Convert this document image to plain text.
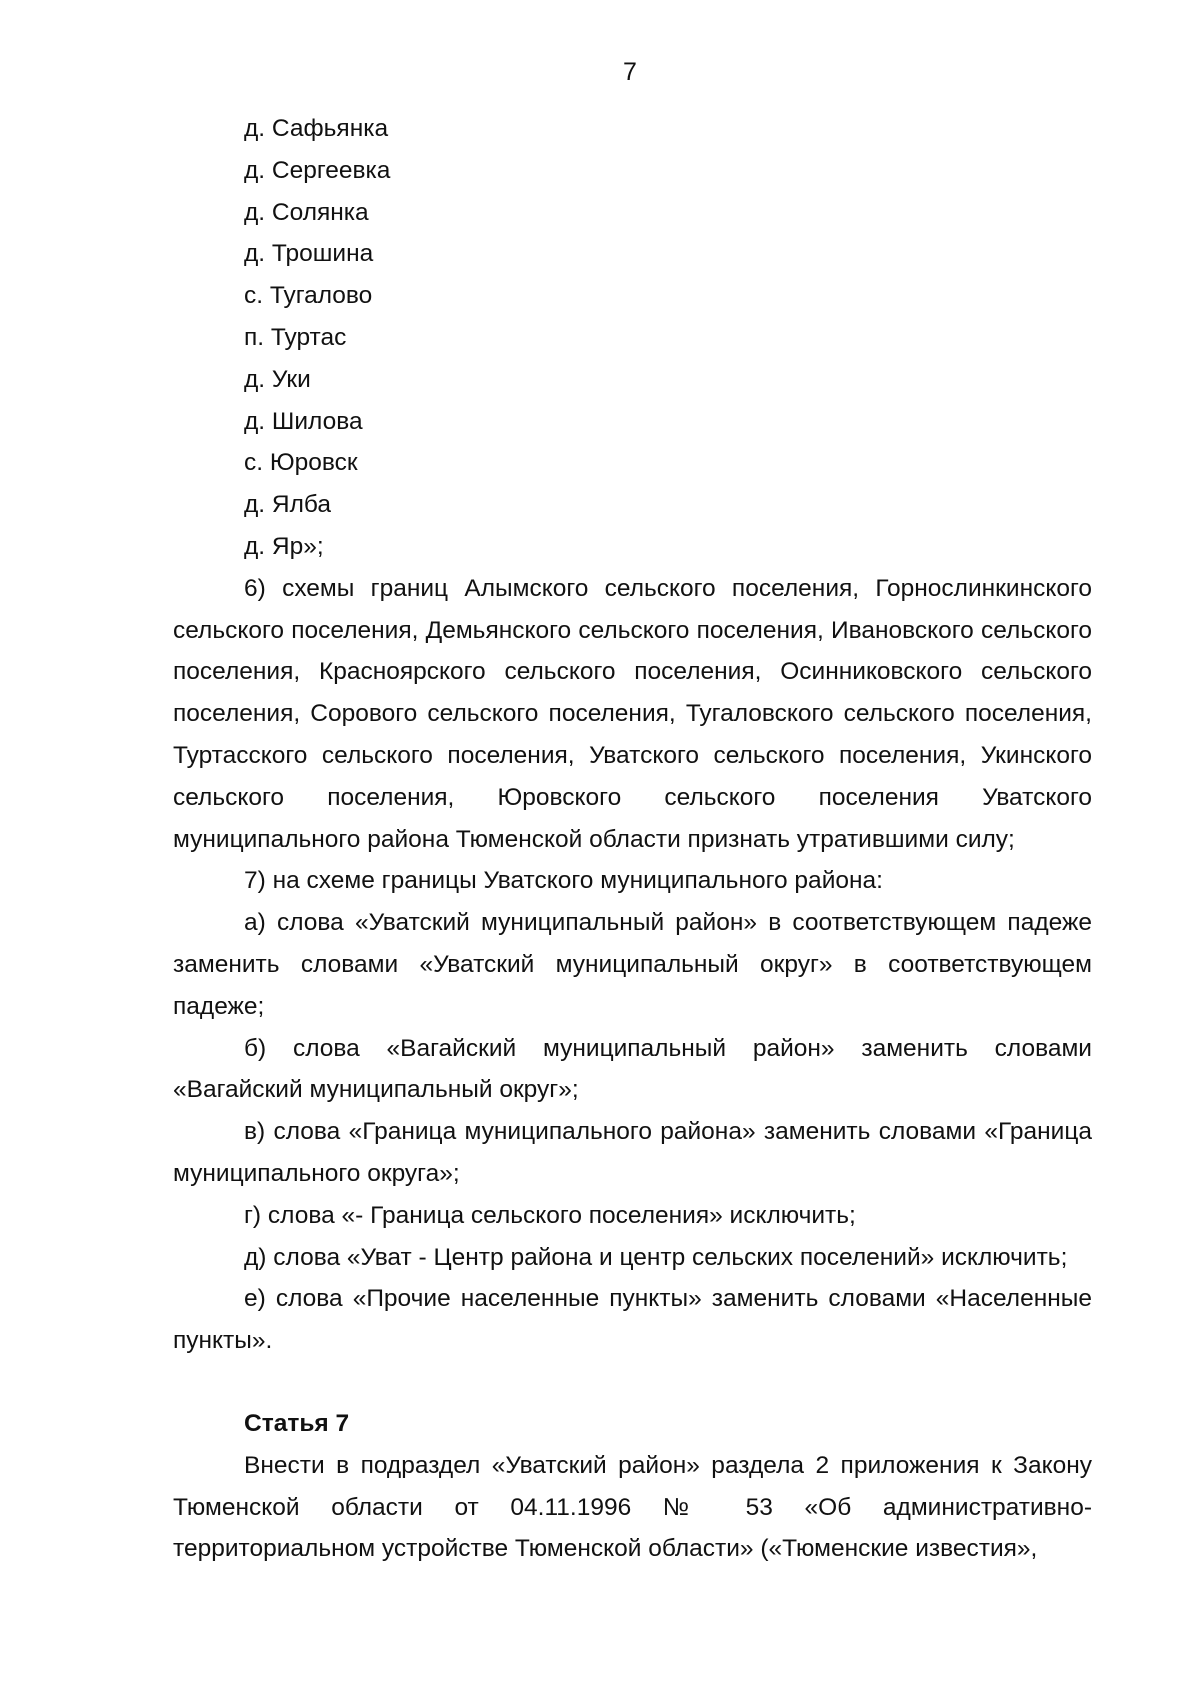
7
д. Сафьянка
д. Сергеевка
д. Солянка
д. Трошина
с. Тугалово
п. Туртас
д. Уки
д. Шилова
с. Юровск
д. Ялба
д. Яр»;

6) схемы границ Алымского сельского поселения, Горнослинкинского сельского поселения, Демьянского сельского поселения, Ивановского сельского поселения, Красноярского сельского поселения, Осинниковского сельского поселения, Сорового сельского поселения, Тугаловского сельского поселения, Туртасского сельского поселения, Уватского сельского поселения, Укинского сельского поселения, Юровского сельского поселения Уватского муниципального района Тюменской области признать утратившими силу;

7) на схеме границы Уватского муниципального района:

а) слова «Уватский муниципальный район» в соответствующем падеже заменить словами «Уватский муниципальный округ» в соответствующем падеже;

б) слова «Вагайский муниципальный район» заменить словами «Вагайский муниципальный округ»;

в) слова «Граница муниципального района» заменить словами «Граница муниципального округа»;

г) слова «- Граница сельского поселения» исключить;

д) слова «Уват - Центр района и центр сельских поселений» исключить;

е) слова «Прочие населенные пункты» заменить словами «Населенные пункты».

Статья 7

Внести в подраздел «Уватский район» раздела 2 приложения к Закону Тюменской области от 04.11.1996 № 53 «Об административно-территориальном устройстве Тюменской области» («Тюменские известия»,
